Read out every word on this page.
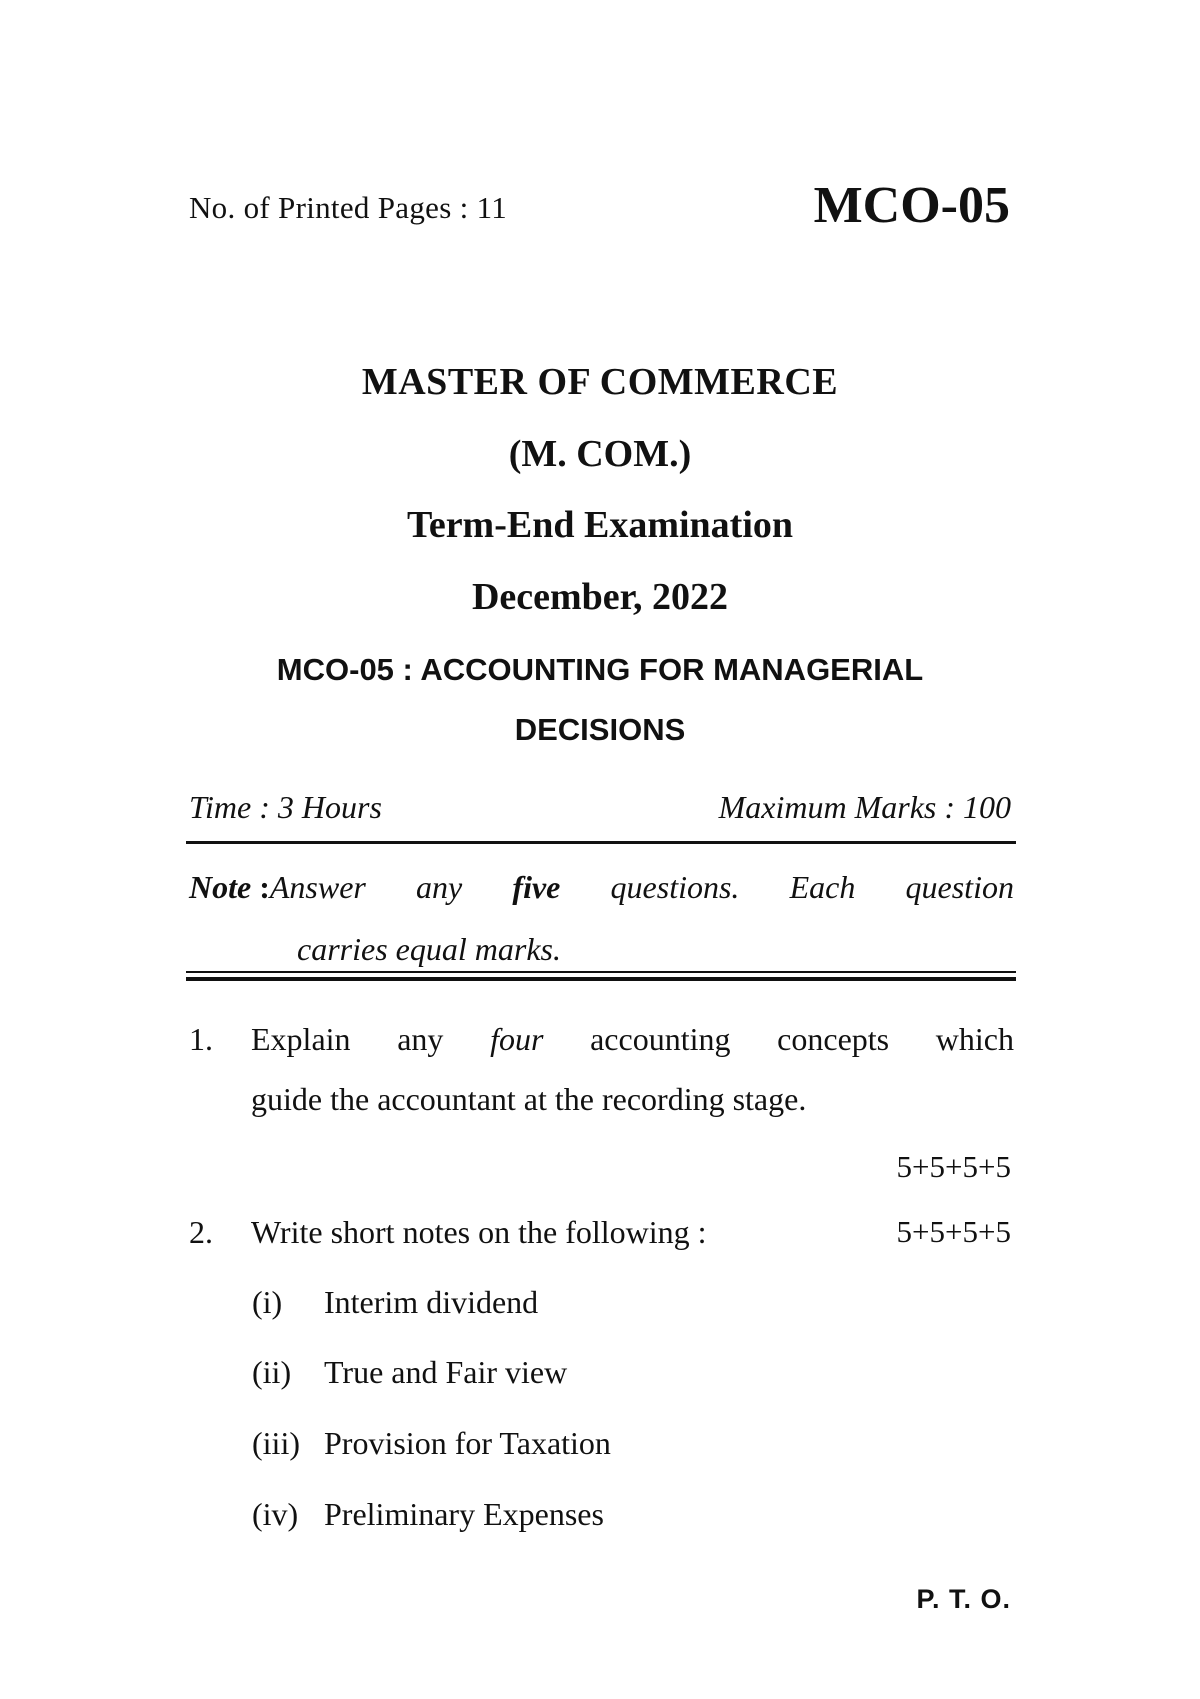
No. of Printed Pages : 11	MCO-05
MASTER OF COMMERCE
(M. COM.)
Term-End Examination
December, 2022
MCO-05 : ACCOUNTING FOR MANAGERIAL
DECISIONS
Time : 3 Hours	Maximum Marks : 100
Note :Answer any five questions. Each question
carries equal marks.
1. Explain any four accounting concepts which
guide the accountant at the recording stage.
5+5+5+5
2. Write short notes on the following :	5+5+5+5
(i) Interim dividend
(ii) True and Fair view
(iii) Provision for Taxation
(iv) Preliminary Expenses
P. T. O.
